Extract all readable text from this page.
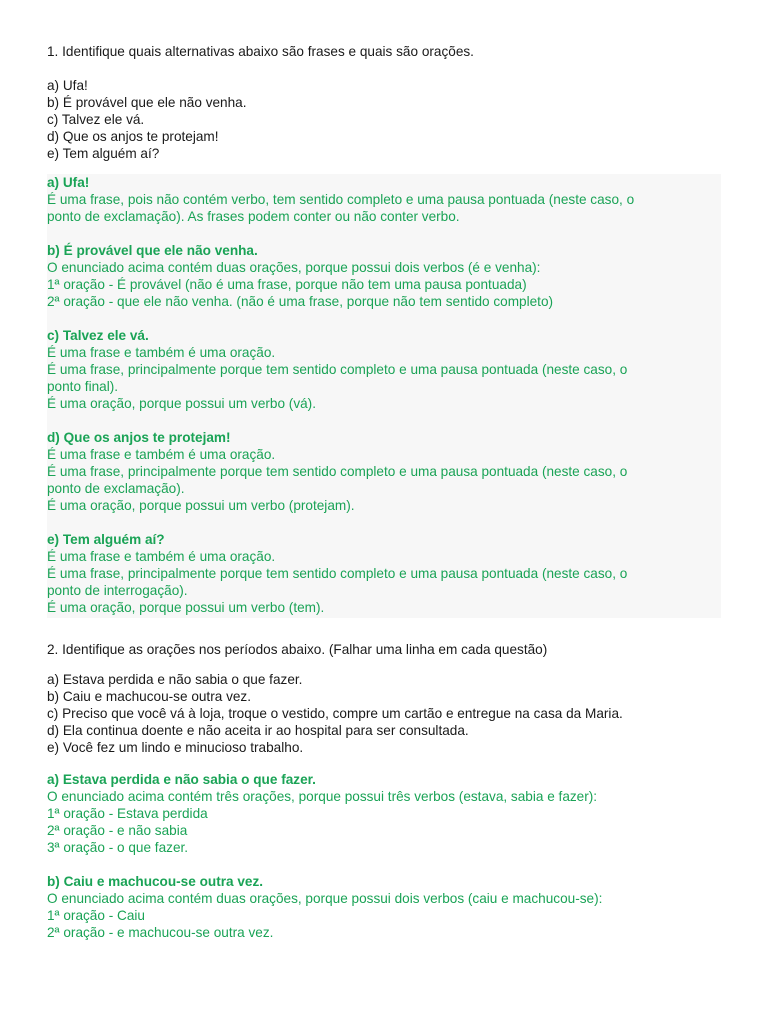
1. Identifique quais alternativas abaixo são frases e quais são orações.
a) Ufa!
b) É provável que ele não venha.
c) Talvez ele vá.
d) Que os anjos te protejam!
e) Tem alguém aí?
a) Ufa!
É uma frase, pois não contém verbo, tem sentido completo e uma pausa pontuada (neste caso, o
ponto de exclamação). As frases podem conter ou não conter verbo.
b) É provável que ele não venha.
O enunciado acima contém duas orações, porque possui dois verbos (é e venha):
1ª oração - É provável (não é uma frase, porque não tem uma pausa pontuada)
2ª oração - que ele não venha. (não é uma frase, porque não tem sentido completo)
c) Talvez ele vá.
É uma frase e também é uma oração.
É uma frase, principalmente porque tem sentido completo e uma pausa pontuada (neste caso, o
ponto final).
É uma oração, porque possui um verbo (vá).
d) Que os anjos te protejam!
É uma frase e também é uma oração.
É uma frase, principalmente porque tem sentido completo e uma pausa pontuada (neste caso, o
ponto de exclamação).
É uma oração, porque possui um verbo (protejam).
e) Tem alguém aí?
É uma frase e também é uma oração.
É uma frase, principalmente porque tem sentido completo e uma pausa pontuada (neste caso, o
ponto de interrogação).
É uma oração, porque possui um verbo (tem).
2. Identifique as orações nos períodos abaixo. (Falhar uma linha em cada questão)
a) Estava perdida e não sabia o que fazer.
b) Caiu e machucou-se outra vez.
c) Preciso que você vá à loja, troque o vestido, compre um cartão e entregue na casa da Maria.
d) Ela continua doente e não aceita ir ao hospital para ser consultada.
e) Você fez um lindo e minucioso trabalho.
a) Estava perdida e não sabia o que fazer.
O enunciado acima contém três orações, porque possui três verbos (estava, sabia e fazer):
1ª oração - Estava perdida
2ª oração - e não sabia
3ª oração - o que fazer.
b) Caiu e machucou-se outra vez.
O enunciado acima contém duas orações, porque possui dois verbos (caiu e machucou-se):
1ª oração - Caiu
2ª oração - e machucou-se outra vez.
